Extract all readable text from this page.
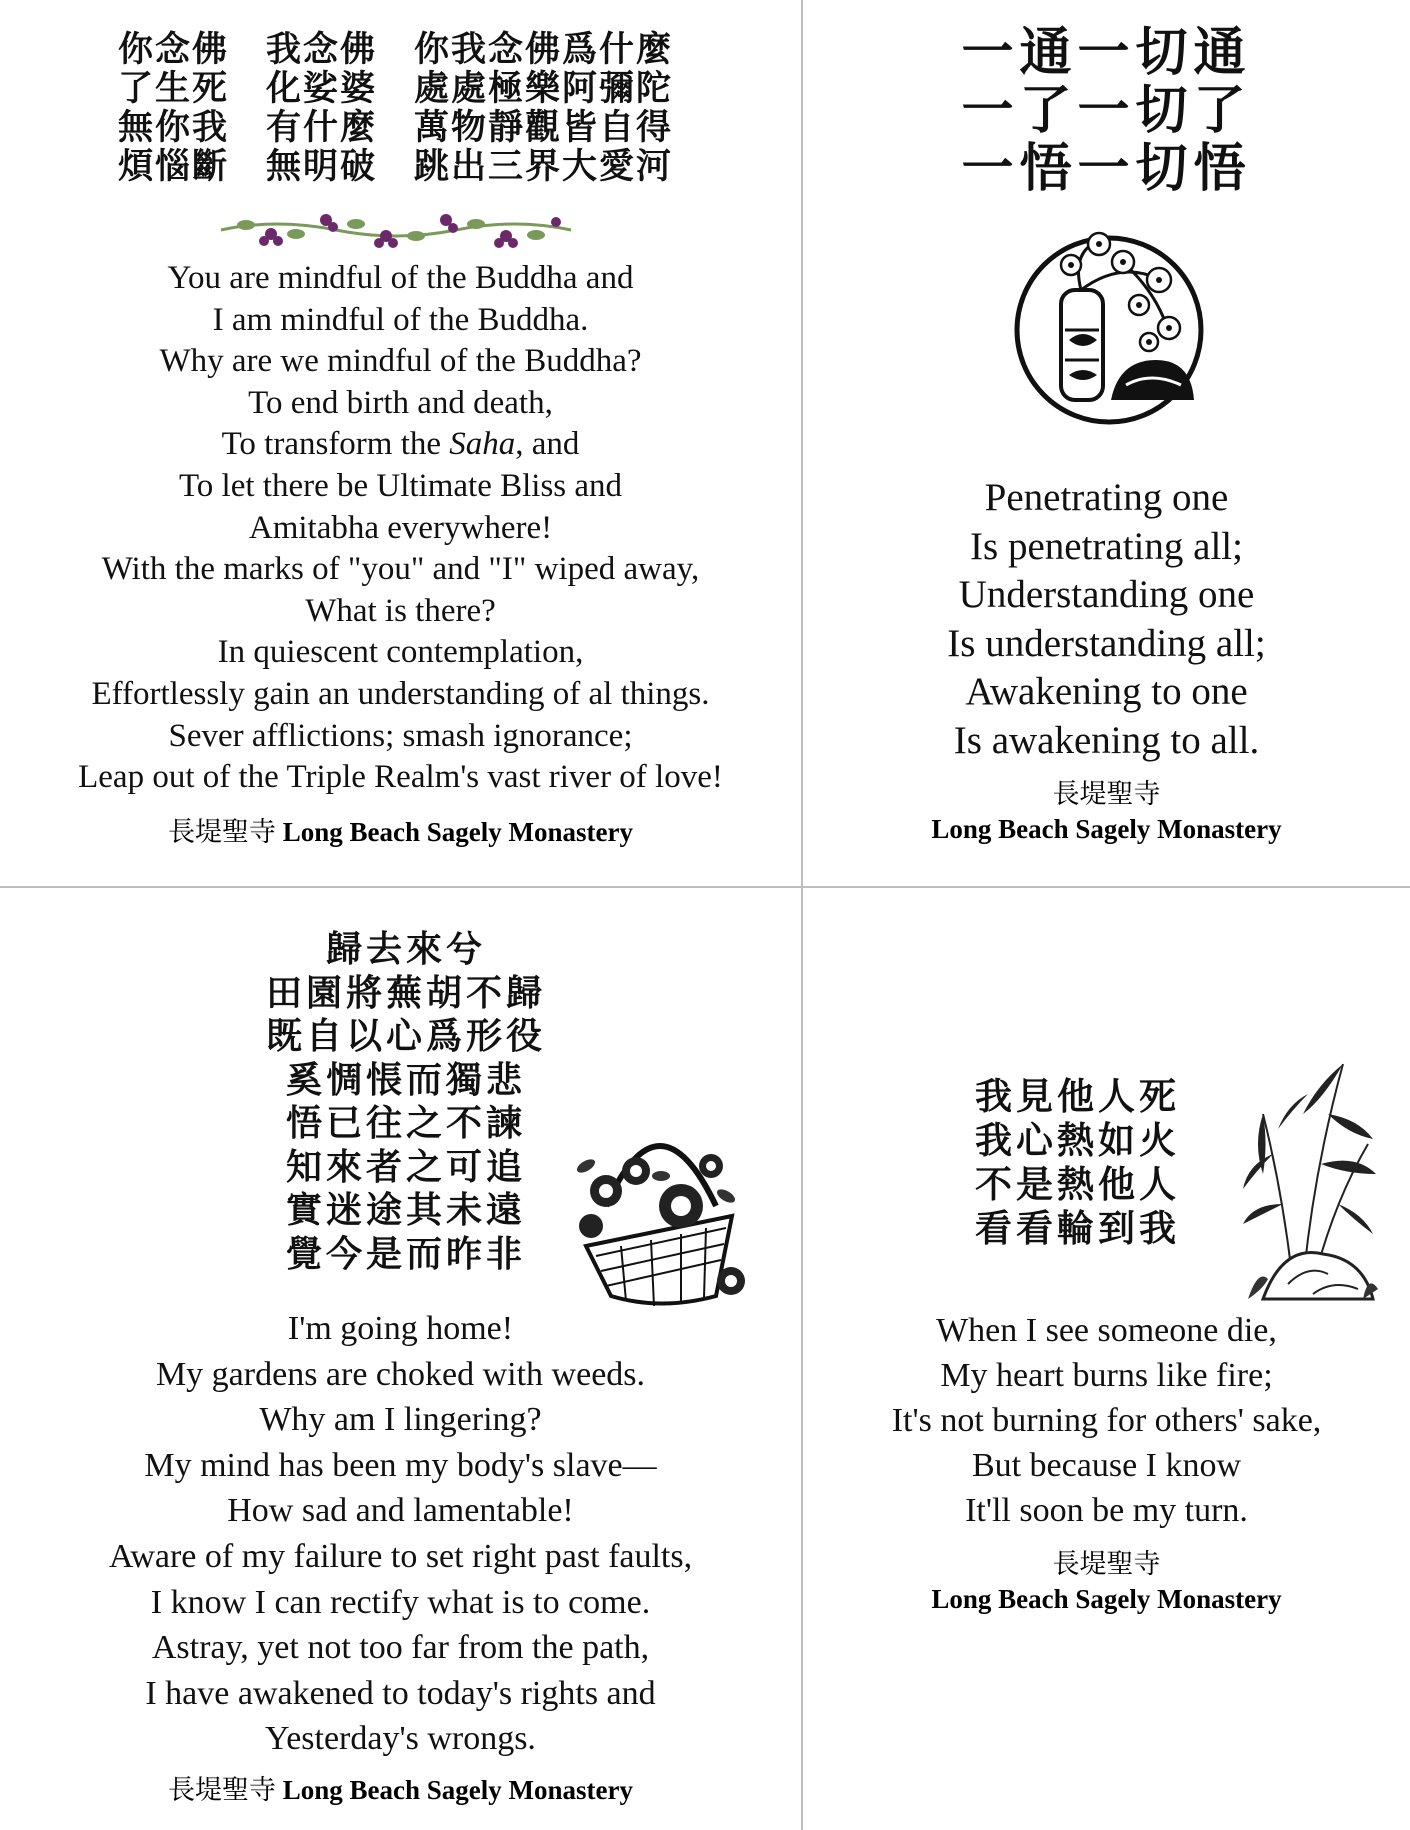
你念佛　我念佛　你我念佛爲什麼
了生死　化娑婆　處處極樂阿彌陀
無你我　有什麼　萬物靜觀皆自得
煩惱斷　無明破　跳出三界大愛河
You are mindful of the Buddha and
I am mindful of the Buddha.
Why are we mindful of the Buddha?
To end birth and death,
To transform the Saha, and
To let there be Ultimate Bliss and
Amitabha everywhere!
With the marks of "you" and "I" wiped away,
What is there?
In quiescent contemplation,
Effortlessly gain an understanding of al things.
Sever afflictions; smash ignorance;
Leap out of the Triple Realm's vast river of love!
長堤聖寺 Long Beach Sagely Monastery
一通一切通
一了一切了
一悟一切悟
Penetrating one
Is penetrating all;
Understanding one
Is understanding all;
Awakening to one
Is awakening to all.
長堤聖寺
Long Beach Sagely Monastery
歸去來兮
田園將蕪胡不歸
既自以心爲形役
奚惆悵而獨悲
悟已往之不諫
知來者之可追
實迷途其未遠
覺今是而昨非
I'm going home!
My gardens are choked with weeds.
Why am I lingering?
My mind has been my body's slave—
How sad and lamentable!
Aware of my failure to set right past faults,
I know I can rectify what is to come.
Astray, yet not too far from the path,
I have awakened to today's rights and
Yesterday's wrongs.
長堤聖寺 Long Beach Sagely Monastery
我見他人死
我心熱如火
不是熱他人
看看輪到我
When I see someone die,
My heart burns like fire;
It's not burning for others' sake,
But because I know
It'll soon be my turn.
長堤聖寺
Long Beach Sagely Monastery
